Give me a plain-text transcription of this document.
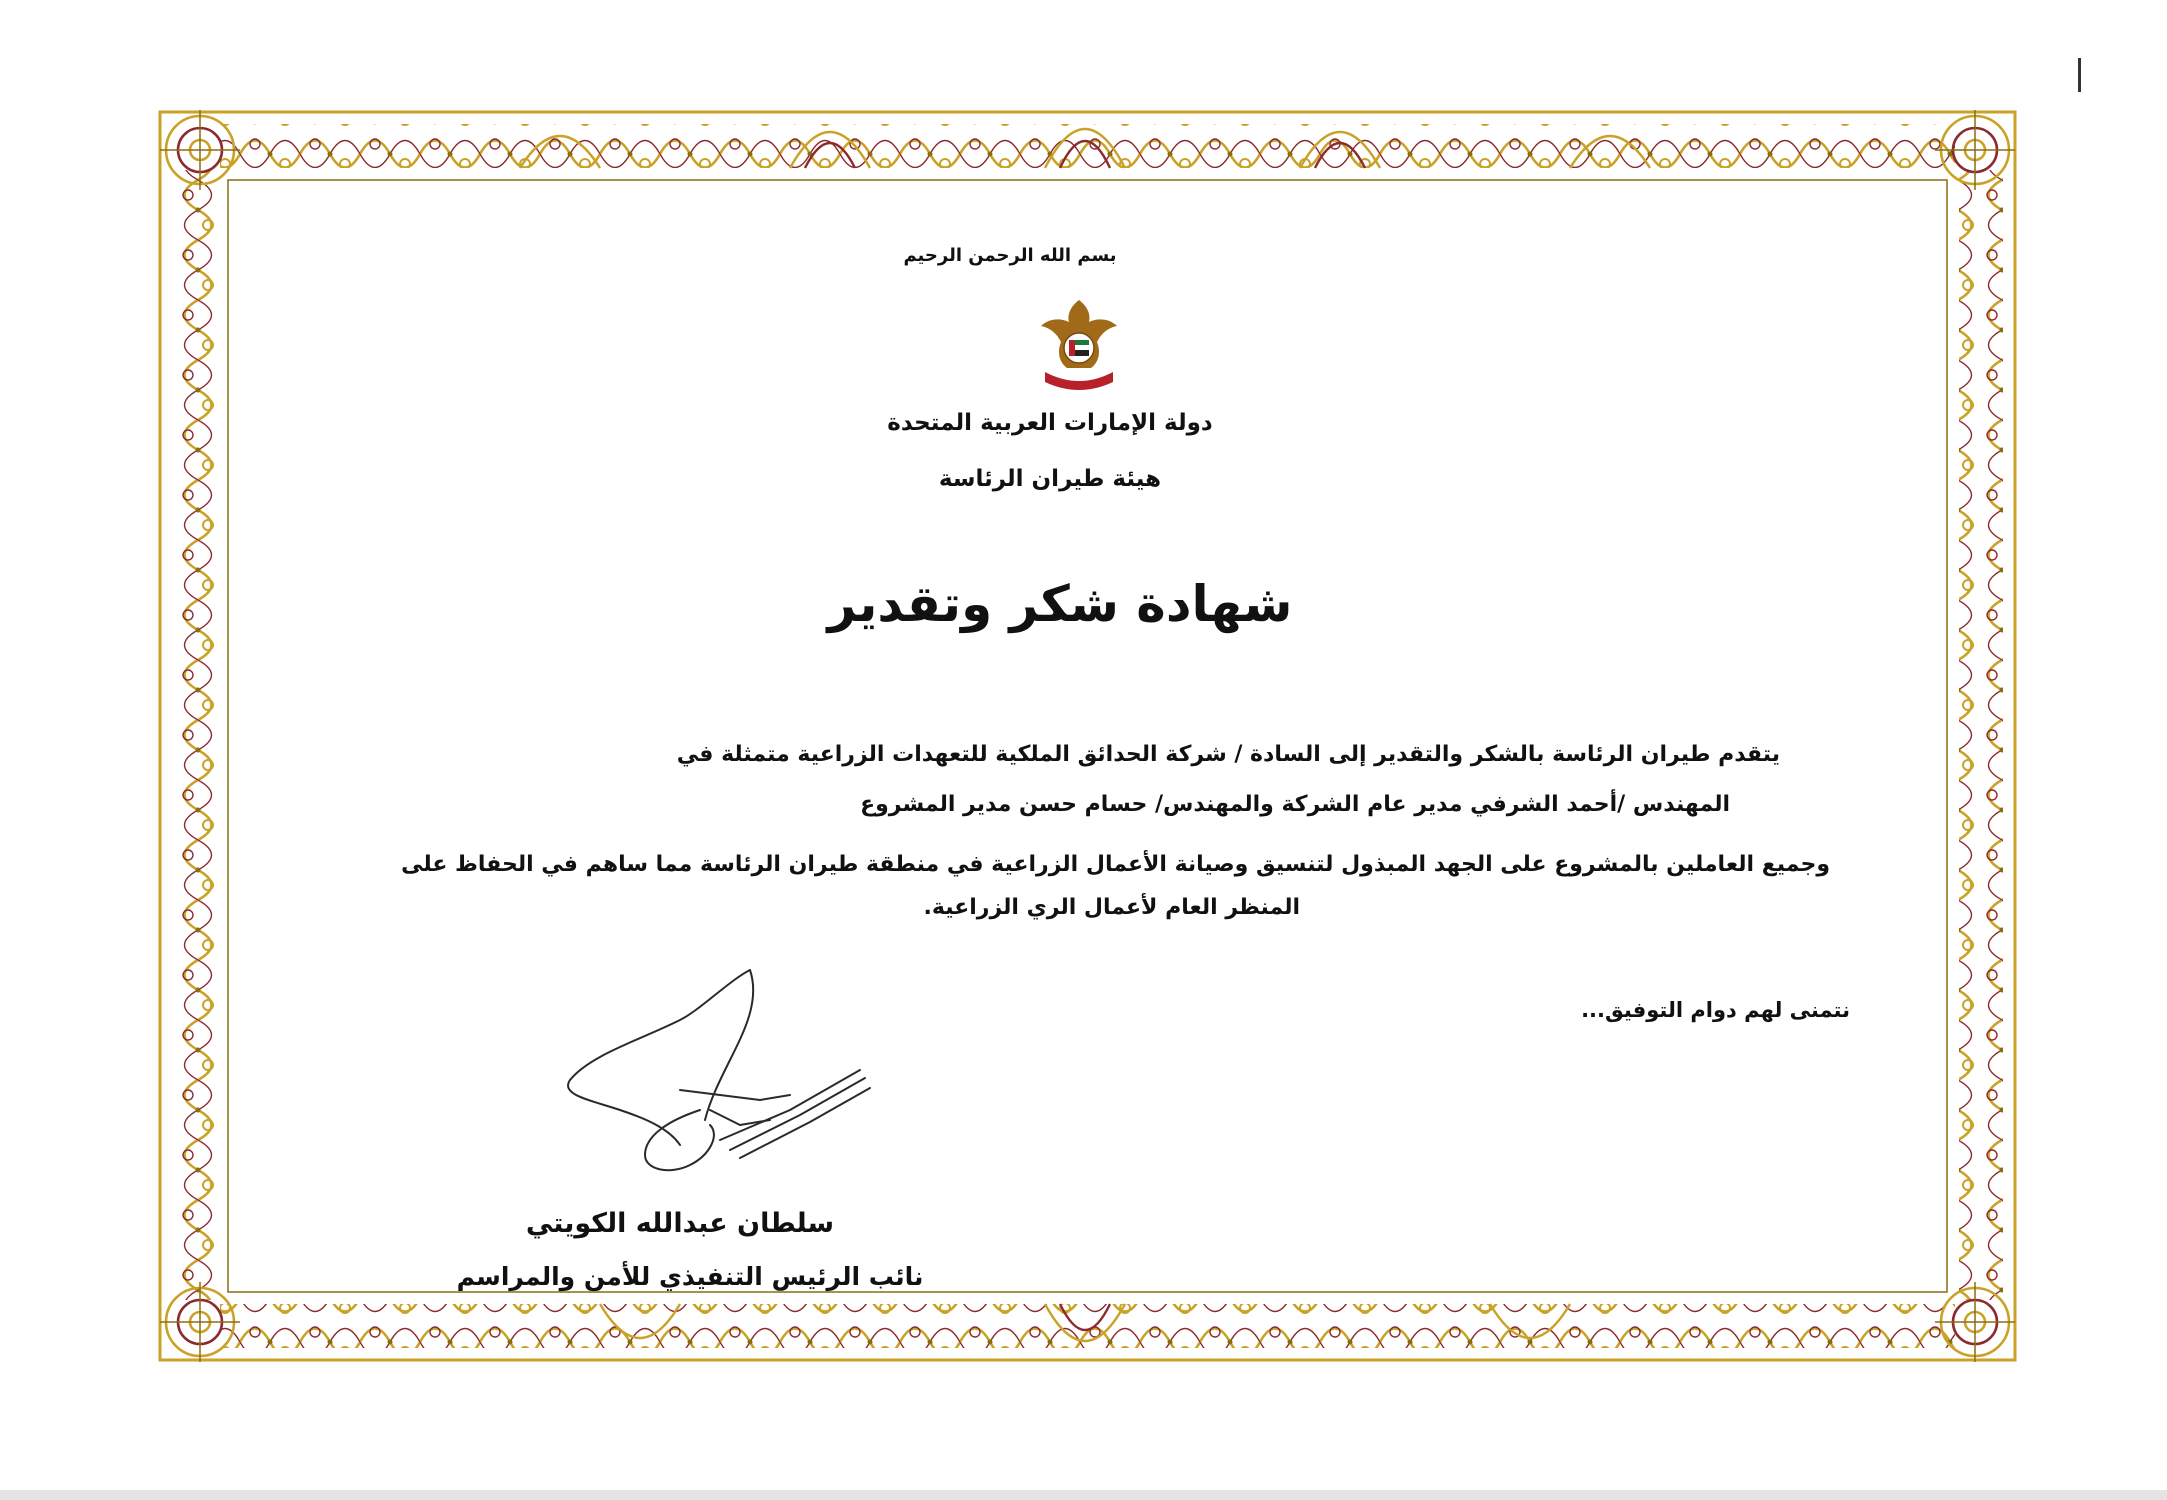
بسم الله الرحمن الرحيم

دولة الإمارات العربية المتحدة

هيئة طيران الرئاسة

شهادة شكر وتقدير

يتقدم طيران الرئاسة بالشكر والتقدير إلى السادة / شركة الحدائق الملكية للتعهدات الزراعية متمثلة في

المهندس /أحمد الشرفي مدير عام الشركة والمهندس/ حسام حسن مدير المشروع

وجميع العاملين بالمشروع على الجهد المبذول لتنسيق وصيانة الأعمال الزراعية في منطقة طيران الرئاسة مما ساهم في الحفاظ على

المنظر العام لأعمال الري الزراعية.

نتمنى لهم دوام التوفيق...

سلطان عبدالله الكويتي

نائب الرئيس التنفيذي للأمن والمراسم
